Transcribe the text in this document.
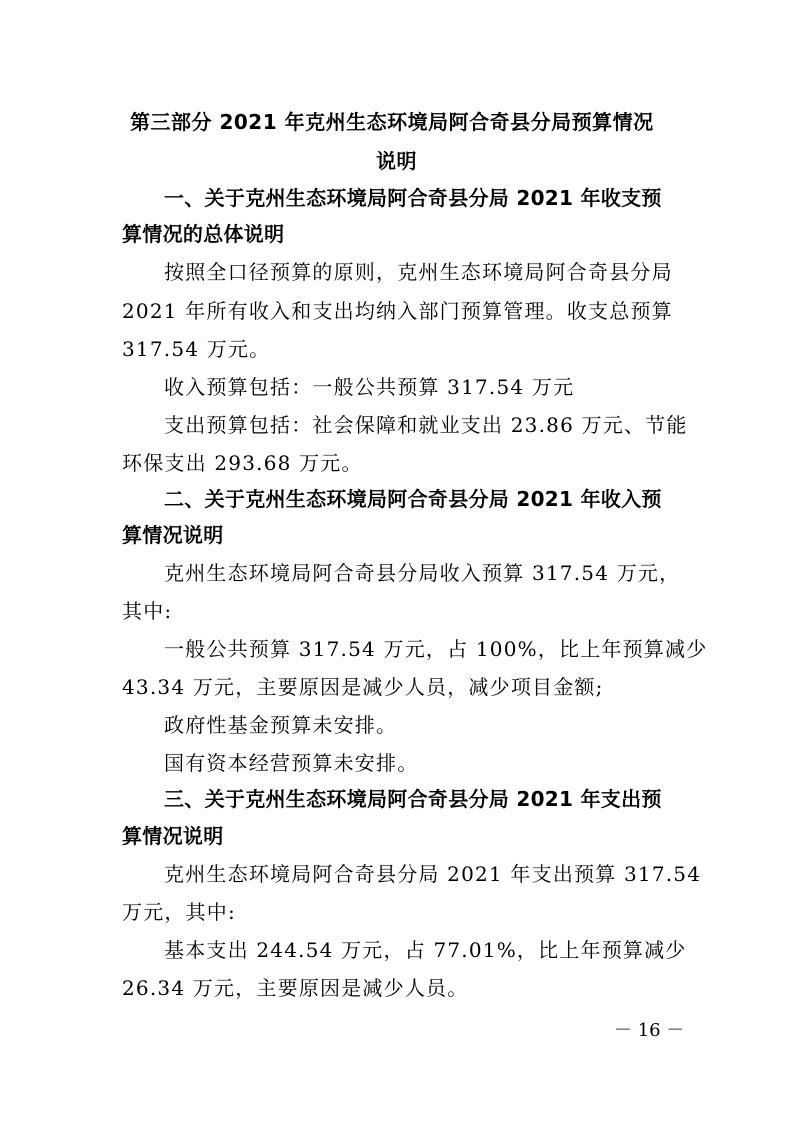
第三部分 2021 年克州生态环境局阿合奇县分局预算情况
说明
一、关于克州生态环境局阿合奇县分局 2021 年收支预
算情况的总体说明
按照全口径预算的原则，克州生态环境局阿合奇县分局
2021 年所有收入和支出均纳入部门预算管理。收支总预算
317.54 万元。
收入预算包括：一般公共预算 317.54 万元
支出预算包括：社会保障和就业支出 23.86 万元、节能
环保支出 293.68 万元。
二、关于克州生态环境局阿合奇县分局 2021 年收入预
算情况说明
克州生态环境局阿合奇县分局收入预算 317.54 万元，
其中:
一般公共预算 317.54 万元，占 100%，比上年预算减少
43.34 万元，主要原因是减少人员，减少项目金额;
政府性基金预算未安排。
国有资本经营预算未安排。
三、关于克州生态环境局阿合奇县分局 2021 年支出预
算情况说明
克州生态环境局阿合奇县分局 2021 年支出预算 317.54
万元，其中:
基本支出 244.54 万元，占 77.01%，比上年预算减少
26.34 万元，主要原因是减少人员。
－ 16 －
